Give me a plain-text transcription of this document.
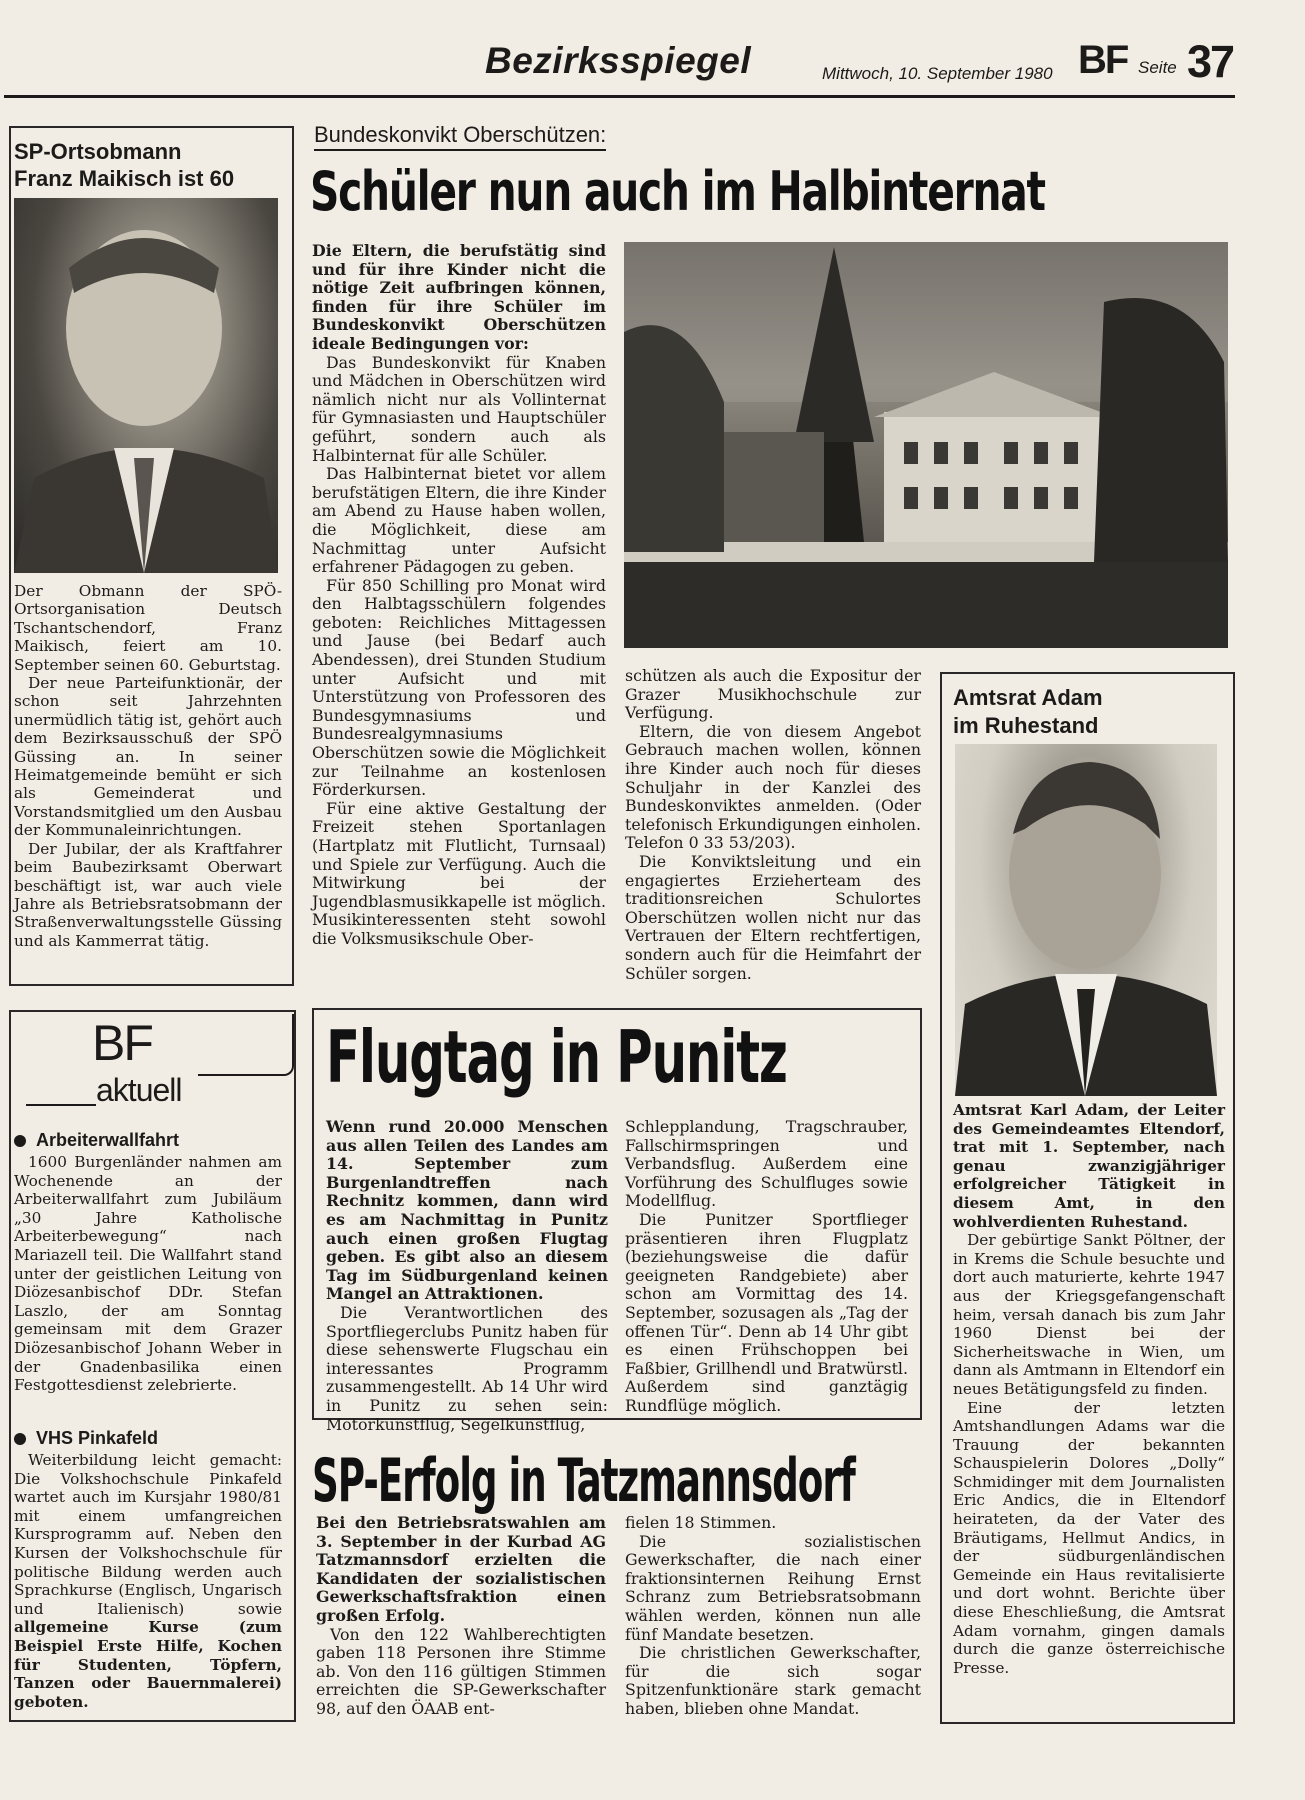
Bezirksspiegel	Mittwoch, 10. September 1980 BF Seite 37
SP-Ortsobmann
Franz Maikisch ist 60
Der Obmann der SPÖ-Ortsorganisation Deutsch Tschantschendorf, Franz Maikisch, feiert am 10. September seinen 60. Geburtstag.
Der neue Parteifunktionär, der schon seit Jahrzehnten unermüdlich tätig ist, gehört auch dem Bezirksausschuß der SPÖ Güssing an. In seiner Heimatgemeinde bemüht er sich als Gemeinderat und Vorstandsmitglied um den Ausbau der Kommunaleinrichtungen.
Der Jubilar, der als Kraftfahrer beim Baubezirksamt Oberwart beschäftigt ist, war auch viele Jahre als Betriebsratsobmann der Straßenverwaltungsstelle Güssing und als Kammerrat tätig.
Bundeskonvikt Oberschützen:
Schüler nun auch im Halbinternat
Die Eltern, die berufstätig sind und für ihre Kinder nicht die nötige Zeit aufbringen können, finden für ihre Schüler im Bundeskonvikt Oberschützen ideale Bedingungen vor:
Das Bundeskonvikt für Knaben und Mädchen in Oberschützen wird nämlich nicht nur als Vollinternat für Gymnasiasten und Hauptschüler geführt, sondern auch als Halbinternat für alle Schüler.
Das Halbinternat bietet vor allem berufstätigen Eltern, die ihre Kinder am Abend zu Hause haben wollen, die Möglichkeit, diese am Nachmittag unter Aufsicht erfahrener Pädagogen zu geben.
Für 850 Schilling pro Monat wird den Halbtagsschülern folgendes geboten: Reichliches Mittagessen und Jause (bei Bedarf auch Abendessen), drei Stunden Studium unter Aufsicht und mit Unterstützung von Professoren des Bundesgymnasiums und Bundesrealgymnasiums Oberschützen sowie die Möglichkeit zur Teilnahme an kostenlosen Förderkursen.
Für eine aktive Gestaltung der Freizeit stehen Sportanlagen (Hartplatz mit Flutlicht, Turnsaal) und Spiele zur Verfügung. Auch die Mitwirkung bei der Jugendblasmusikkapelle ist möglich. Musikinteressenten steht sowohl die Volksmusikschule Ober-
schützen als auch die Expositur der Grazer Musikhochschule zur Verfügung.
Eltern, die von diesem Angebot Gebrauch machen wollen, können ihre Kinder auch noch für dieses Schuljahr in der Kanzlei des Bundeskonviktes anmelden. (Oder telefonisch Erkundigungen einholen. Telefon 0 33 53/203).
Die Konviktsleitung und ein engagiertes Erzieherteam des traditionsreichen Schulortes Oberschützen wollen nicht nur das Vertrauen der Eltern rechtfertigen, sondern auch für die Heimfahrt der Schüler sorgen.
Amtsrat Adam
im Ruhestand
Amtsrat Karl Adam, der Leiter des Gemeindeamtes Eltendorf, trat mit 1. September, nach genau zwanzigjähriger erfolgreicher Tätigkeit in diesem Amt, in den wohlverdienten Ruhestand.
Der gebürtige Sankt Pöltner, der in Krems die Schule besuchte und dort auch maturierte, kehrte 1947 aus der Kriegsgefangenschaft heim, versah danach bis zum Jahr 1960 Dienst bei der Sicherheitswache in Wien, um dann als Amtmann in Eltendorf ein neues Betätigungsfeld zu finden.
Eine der letzten Amtshandlungen Adams war die Trauung der bekannten Schauspielerin Dolores „Dolly“ Schmidinger mit dem Journalisten Eric Andics, die in Eltendorf heirateten, da der Vater des Bräutigams, Hellmut Andics, in der südburgenländischen Gemeinde ein Haus revitalisierte und dort wohnt. Berichte über diese Eheschließung, die Amtsrat Adam vornahm, gingen damals durch die ganze österreichische Presse.
BF
aktuell
Arbeiterwallfahrt
1600 Burgenländer nahmen am Wochenende an der Arbeiterwallfahrt zum Jubiläum „30 Jahre Katholische Arbeiterbewegung“ nach Mariazell teil. Die Wallfahrt stand unter der geistlichen Leitung von Diözesanbischof DDr. Stefan Laszlo, der am Sonntag gemeinsam mit dem Grazer Diözesanbischof Johann Weber in der Gnadenbasilika einen Festgottesdienst zelebrierte.
VHS Pinkafeld
Weiterbildung leicht gemacht: Die Volkshochschule Pinkafeld wartet auch im Kursjahr 1980/81 mit einem umfangreichen Kursprogramm auf. Neben den Kursen der Volkshochschule für politische Bildung werden auch Sprachkurse (Englisch, Ungarisch und Italienisch) sowie allgemeine Kurse (zum Beispiel Erste Hilfe, Kochen für Studenten, Töpfern, Tanzen oder Bauernmalerei) geboten.
Flugtag in Punitz
Wenn rund 20.000 Menschen aus allen Teilen des Landes am 14. September zum Burgenlandtreffen nach Rechnitz kommen, dann wird es am Nachmittag in Punitz auch einen großen Flugtag geben. Es gibt also an diesem Tag im Südburgenland keinen Mangel an Attraktionen.
Die Verantwortlichen des Sportfliegerclubs Punitz haben für diese sehenswerte Flugschau ein interessantes Programm zusammengestellt. Ab 14 Uhr wird in Punitz zu sehen sein: Motorkunstflug, Segelkunstflug,
Schlepplandung, Tragschrauber, Fallschirmspringen und Verbandsflug. Außerdem eine Vorführung des Schulfluges sowie Modellflug.
Die Punitzer Sportflieger präsentieren ihren Flugplatz (beziehungsweise die dafür geeigneten Randgebiete) aber schon am Vormittag des 14. September, sozusagen als „Tag der offenen Tür“. Denn ab 14 Uhr gibt es einen Frühschoppen bei Faßbier, Grillhendl und Bratwürstl. Außerdem sind ganztägig Rundflüge möglich.
SP-Erfolg in Tatzmannsdorf
Bei den Betriebsratswahlen am 3. September in der Kurbad AG Tatzmannsdorf erzielten die Kandidaten der sozialistischen Gewerkschaftsfraktion einen großen Erfolg.
Von den 122 Wahlberechtigten gaben 118 Personen ihre Stimme ab. Von den 116 gültigen Stimmen erreichten die SP-Gewerkschafter 98, auf den ÖAAB ent-
fielen 18 Stimmen.
Die sozialistischen Gewerkschafter, die nach einer fraktionsinternen Reihung Ernst Schranz zum Betriebsratsobmann wählen werden, können nun alle fünf Mandate besetzen.
Die christlichen Gewerkschafter, für die sich sogar Spitzenfunktionäre stark gemacht haben, blieben ohne Mandat.
